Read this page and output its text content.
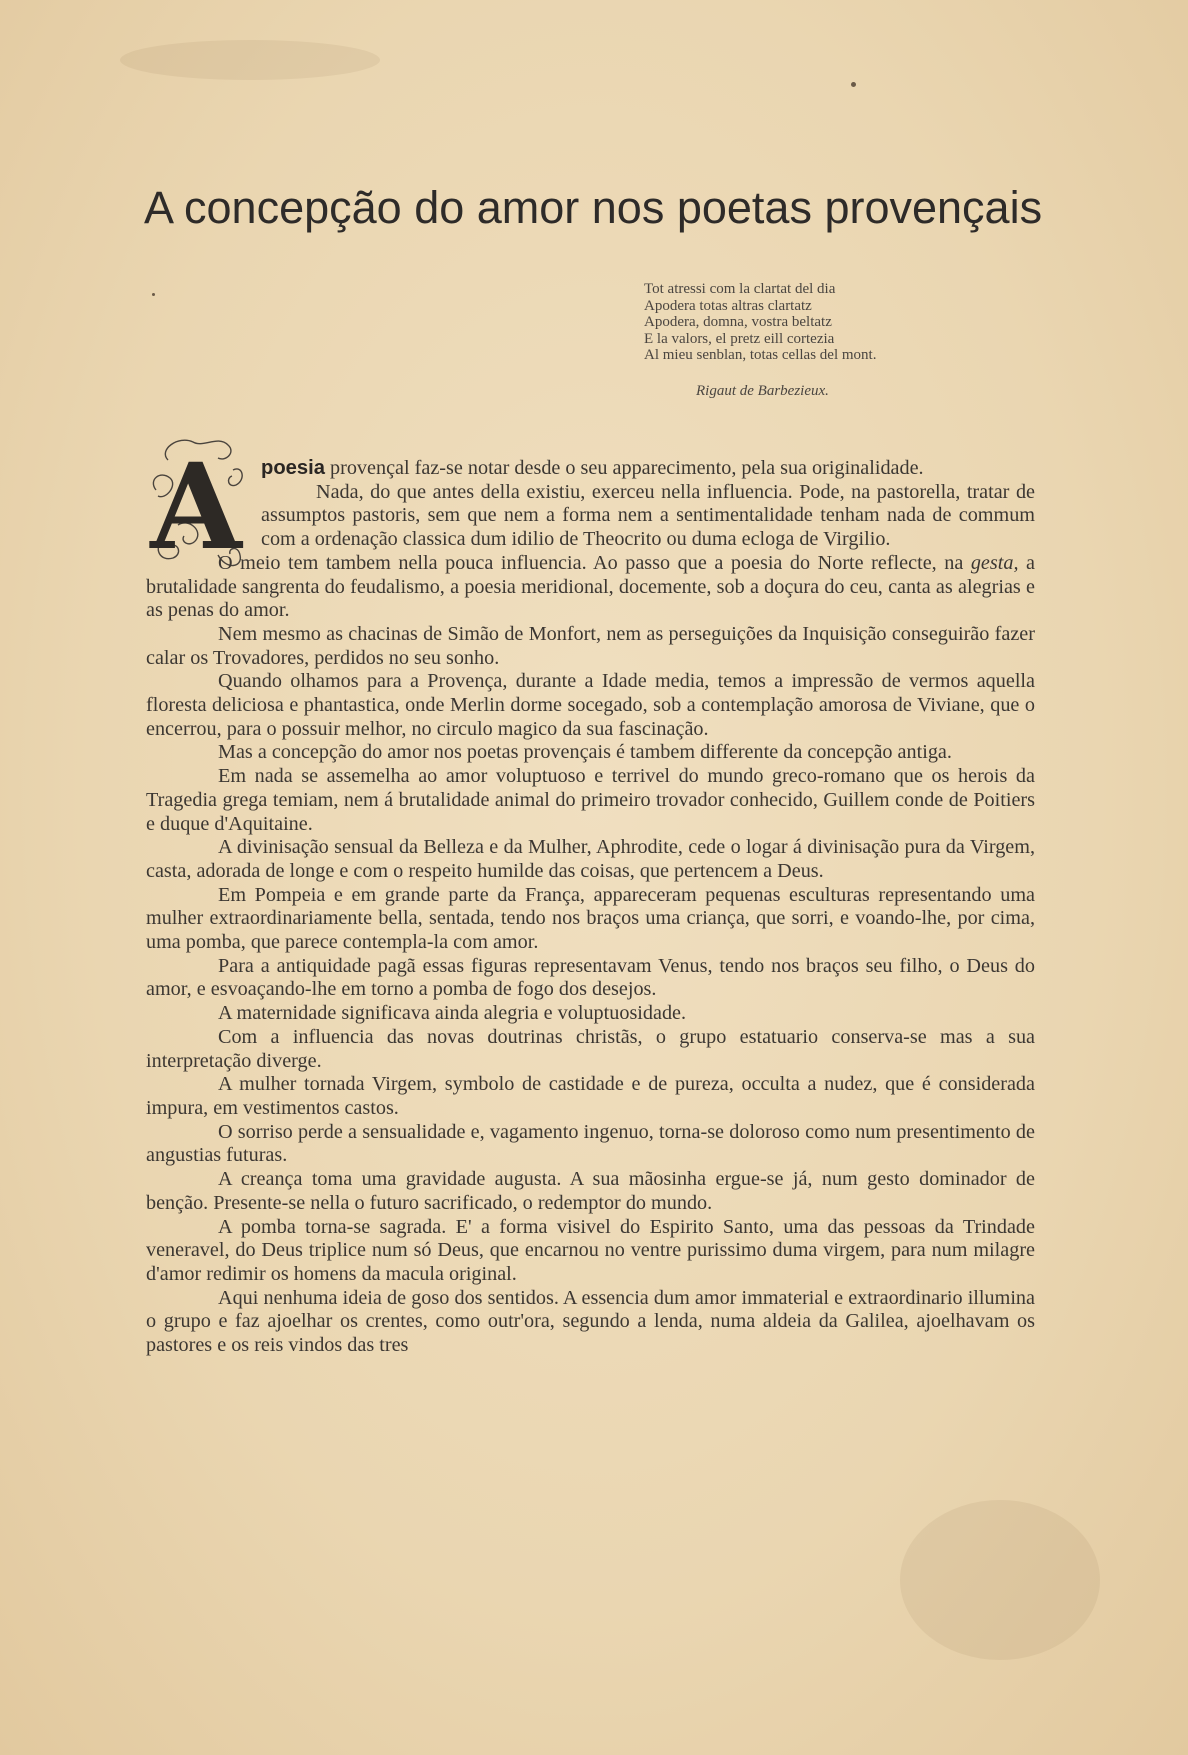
A concepção do amor nos poetas provençais
Tot atressi com la clartat del dia
Apodera totas altras clartatz
Apodera, domna, vostra beltatz
E la valors, el pretz eill cortezia
Al mieu senblan, totas cellas del mont.
Rigaut de Barbezieux.
A poesia provençal faz-se notar desde o seu apparecimento, pela sua originalidade.

Nada, do que antes della existiu, exerceu nella influencia. Pode, na pastorella, tratar de assumptos pastoris, sem que nem a forma nem a sentimentalidade tenham nada de commum com a ordenação classica dum idilio de Theocrito ou duma ecloga de Virgilio.

O meio tem tambem nella pouca influencia. Ao passo que a poesia do Norte reflecte, na gesta, a brutalidade sangrenta do feudalismo, a poesia meridional, docemente, sob a doçura do ceu, canta as alegrias e as penas do amor.

Nem mesmo as chacinas de Simão de Monfort, nem as perseguições da Inquisição conseguirão fazer calar os Trovadores, perdidos no seu sonho.

Quando olhamos para a Provença, durante a Idade media, temos a impressão de vermos aquella floresta deliciosa e phantastica, onde Merlin dorme socegado, sob a contemplação amorosa de Viviane, que o encerrou, para o possuir melhor, no circulo magico da sua fascinação.

Mas a concepção do amor nos poetas provençais é tambem differente da concepção antiga.

Em nada se assemelha ao amor voluptuoso e terrivel do mundo greco-romano que os herois da Tragedia grega temiam, nem á brutalidade animal do primeiro trovador conhecido, Guillem conde de Poitiers e duque d'Aquitaine.

A divinisação sensual da Belleza e da Mulher, Aphrodite, cede o logar á divinisação pura da Virgem, casta, adorada de longe e com o respeito humilde das coisas, que pertencem a Deus.

Em Pompeia e em grande parte da França, appareceram pequenas esculturas representando uma mulher extraordinariamente bella, sentada, tendo nos braços uma criança, que sorri, e voando-lhe, por cima, uma pomba, que parece contempla-la com amor.

Para a antiquidade pagã essas figuras representavam Venus, tendo nos braços seu filho, o Deus do amor, e esvoaçando-lhe em torno a pomba de fogo dos desejos.

A maternidade significava ainda alegria e voluptuosidade.

Com a influencia das novas doutrinas christãs, o grupo estatuario conserva-se mas a sua interpretação diverge.

A mulher tornada Virgem, symbolo de castidade e de pureza, occulta a nudez, que é considerada impura, em vestimentos castos.

O sorriso perde a sensualidade e, vagamento ingenuo, torna-se doloroso como num presentimento de angustias futuras.

A creança toma uma gravidade augusta. A sua mãosinha ergue-se já, num gesto dominador de benção. Presente-se nella o futuro sacrificado, o redemptor do mundo.

A pomba torna-se sagrada. E' a forma visivel do Espirito Santo, uma das pessoas da Trindade veneravel, do Deus triplice num só Deus, que encarnou no ventre purissimo duma virgem, para num milagre d'amor redimir os homens da macula original.

Aqui nenhuma ideia de goso dos sentidos. A essencia dum amor immaterial e extraordinario illumina o grupo e faz ajoelhar os crentes, como outr'ora, segundo a lenda, numa aldeia da Galilea, ajoelhavam os pastores e os reis vindos das tres
